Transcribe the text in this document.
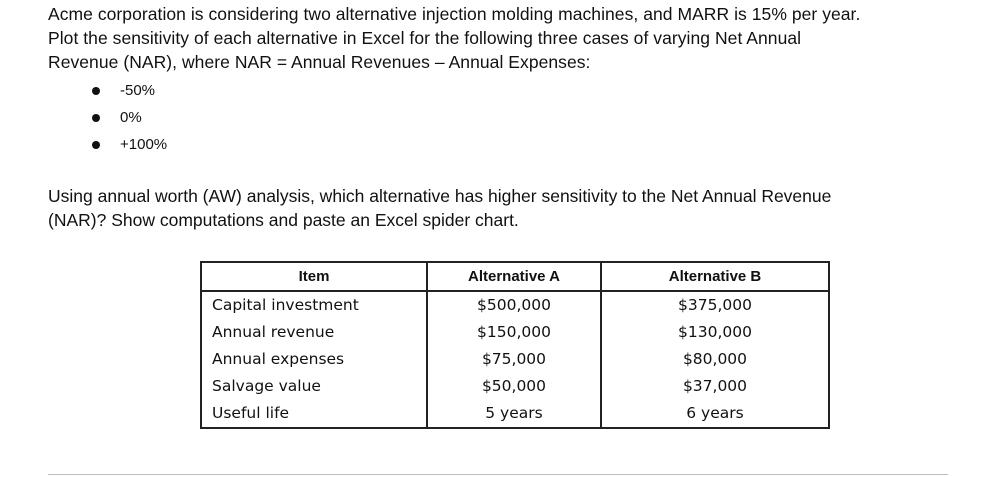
Acme corporation is considering two alternative injection molding machines, and MARR is 15% per year.
Plot the sensitivity of each alternative in Excel for the following three cases of varying Net Annual
Revenue (NAR), where NAR = Annual Revenues – Annual Expenses:
-50%
0%
+100%
Using annual worth (AW) analysis, which alternative has higher sensitivity to the Net Annual Revenue
(NAR)? Show computations and paste an Excel spider chart.
Item	Alternative A	Alternative B
Capital investment	$500,000	$375,000
Annual revenue	$150,000	$130,000
Annual expenses	$75,000	$80,000
Salvage value	$50,000	$37,000
Useful life	5 years	6 years
